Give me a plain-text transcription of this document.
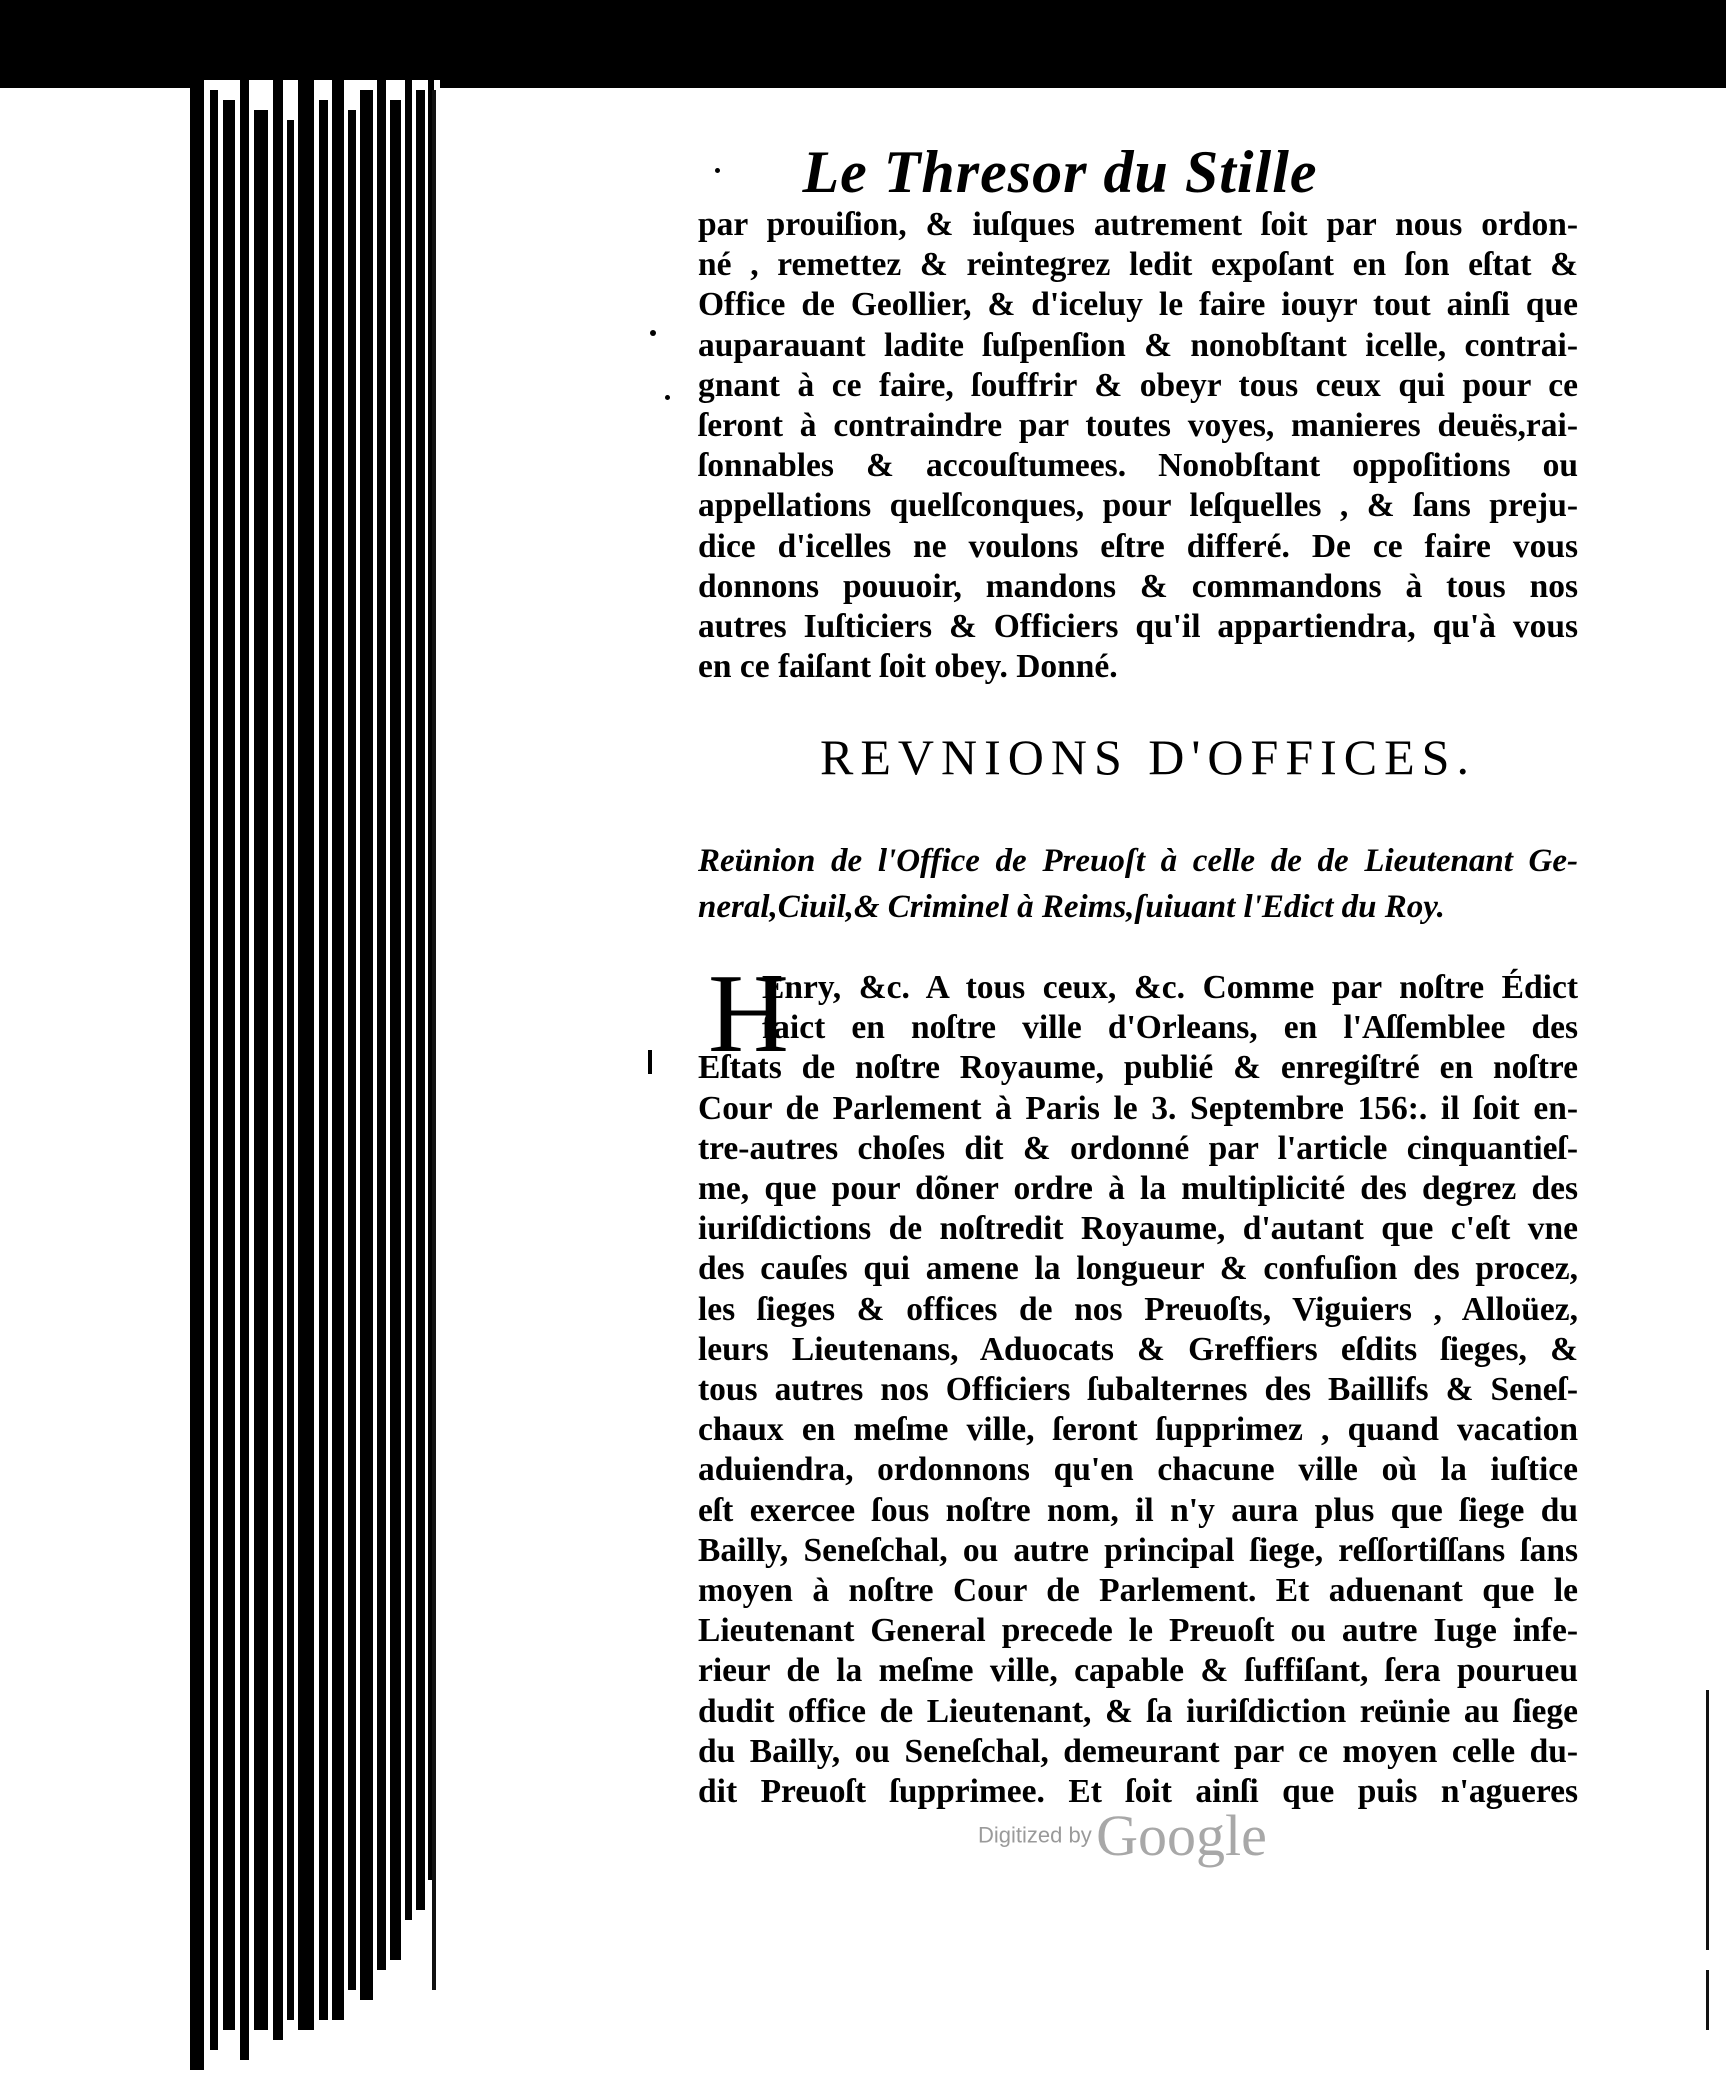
Le Thresor du Stille
par prouiſion, & iuſques autrement ſoit par nous ordon-
né , remettez & reintegrez ledit expoſant en ſon eſtat &
Office de Geollier, & d'iceluy le faire iouyr tout ainſi que
auparauant ladite ſuſpenſion & nonobſtant icelle, contrai-
gnant à ce faire, ſouffrir & obeyr tous ceux qui pour ce
ſeront à contraindre par toutes voyes, manieres deuës,rai-
ſonnables & accouſtumees. Nonobſtant oppoſitions ou
appellations quelſconques, pour leſquelles , & ſans preju-
dice d'icelles ne voulons eſtre differé. De ce faire vous
donnons pouuoir, mandons & commandons à tous nos
autres Iuſticiers & Officiers qu'il appartiendra, qu'à vous
en ce faiſant ſoit obey. Donné.
REVNIONS D'OFFICES.
Reünion de l'Office de Preuoſt à celle de de Lieutenant Ge-
neral,Ciuil,& Criminel à Reims,ſuiuant l'Edict du Roy.
H
Enry, &c. A tous ceux, &c. Comme par noſtre Édict
faict en noſtre ville d'Orleans, en l'Aſſemblee des
Eſtats de noſtre Royaume, publié & enregiſtré en noſtre
Cour de Parlement à Paris le 3. Septembre 156:. il ſoit en-
tre-autres choſes dit & ordonné par l'article cinquantieſ-
me, que pour dõner ordre à la multiplicité des degrez des
iuriſdictions de noſtredit Royaume, d'autant que c'eſt vne
des cauſes qui amene la longueur & confuſion des procez,
les ſieges & offices de nos Preuoſts, Viguiers , Alloüez,
leurs Lieutenans, Aduocats & Greffiers eſdits ſieges, &
tous autres nos Officiers ſubalternes des Baillifs & Seneſ-
chaux en meſme ville, ſeront ſupprimez , quand vacation
aduiendra, ordonnons qu'en chacune ville où la iuſtice
eſt exercee ſous noſtre nom, il n'y aura plus que ſiege du
Bailly, Seneſchal, ou autre principal ſiege, reſſortiſſans ſans
moyen à noſtre Cour de Parlement. Et aduenant que le
Lieutenant General precede le Preuoſt ou autre Iuge infe-
rieur de la meſme ville, capable & ſuffiſant, ſera pourueu
dudit office de Lieutenant, & ſa iuriſdiction reünie au ſiege
du Bailly, ou Seneſchal, demeurant par ce moyen celle du-
dit Preuoſt ſupprimee. Et ſoit ainſi que puis n'agueres
Digitized by Google
